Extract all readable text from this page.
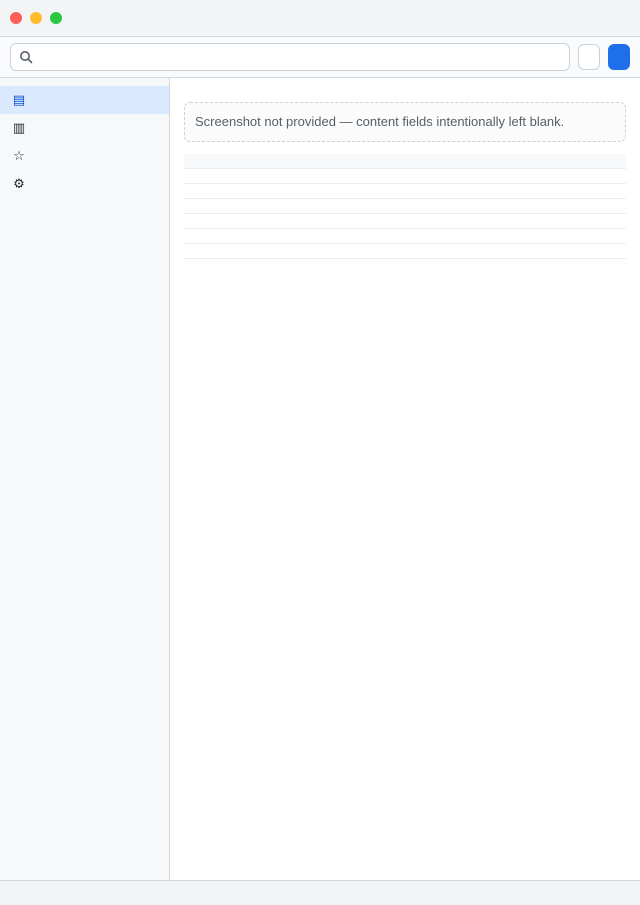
▤
▥
☆
⚙
Screenshot not provided — content fields intentionally left blank.
